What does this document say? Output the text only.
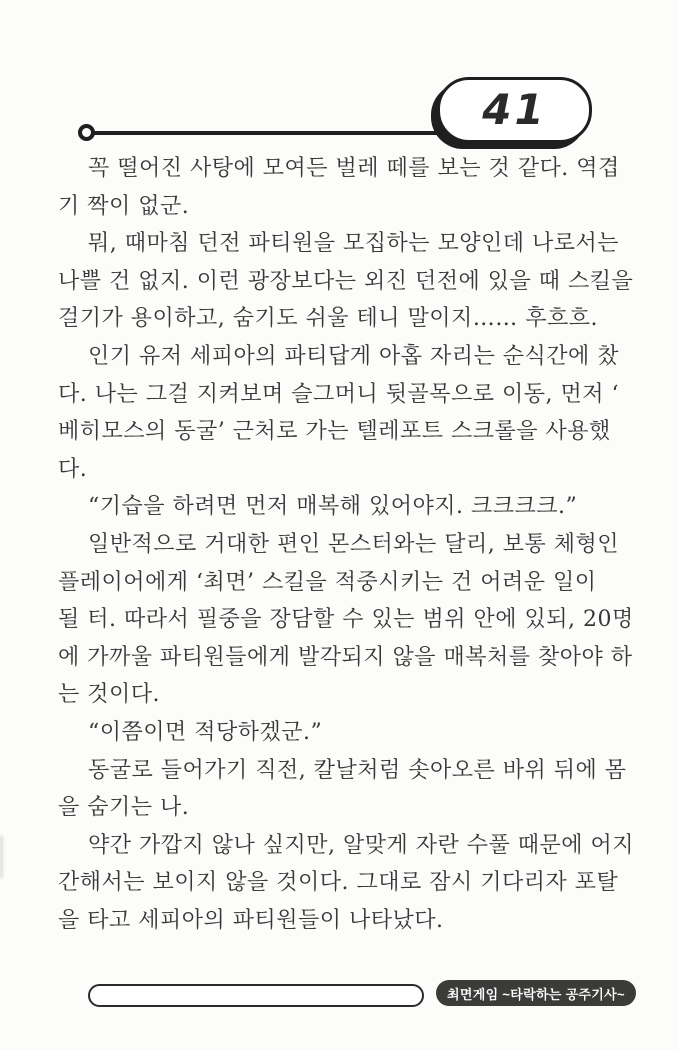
41
꼭 떨어진 사탕에 모여든 벌레 떼를 보는 것 같다. 역겹
기 짝이 없군.
뭐, 때마침 던전 파티원을 모집하는 모양인데 나로서는
나쁠 건 없지. 이런 광장보다는 외진 던전에 있을 때 스킬을
걸기가 용이하고, 숨기도 쉬울 테니 말이지…… 후흐흐.
인기 유저 세피아의 파티답게 아홉 자리는 순식간에 찼
다. 나는 그걸 지켜보며 슬그머니 뒷골목으로 이동, 먼저 ‘
베히모스의 동굴’ 근처로 가는 텔레포트 스크롤을 사용했
다.
“기습을 하려면 먼저 매복해 있어야지. 크크크크.”
일반적으로 거대한 편인 몬스터와는 달리, 보통 체형인
플레이어에게 ‘최면’ 스킬을 적중시키는 건 어려운 일이
될 터. 따라서 필중을 장담할 수 있는 범위 안에 있되, 20명
에 가까울 파티원들에게 발각되지 않을 매복처를 찾아야 하
는 것이다.
“이쯤이면 적당하겠군.”
동굴로 들어가기 직전, 칼날처럼 솟아오른 바위 뒤에 몸
을 숨기는 나.
약간 가깝지 않나 싶지만, 알맞게 자란 수풀 때문에 어지
간해서는 보이지 않을 것이다. 그대로 잠시 기다리자 포탈
을 타고 세피아의 파티원들이 나타났다.
최면게임 ~타락하는 공주기사~
